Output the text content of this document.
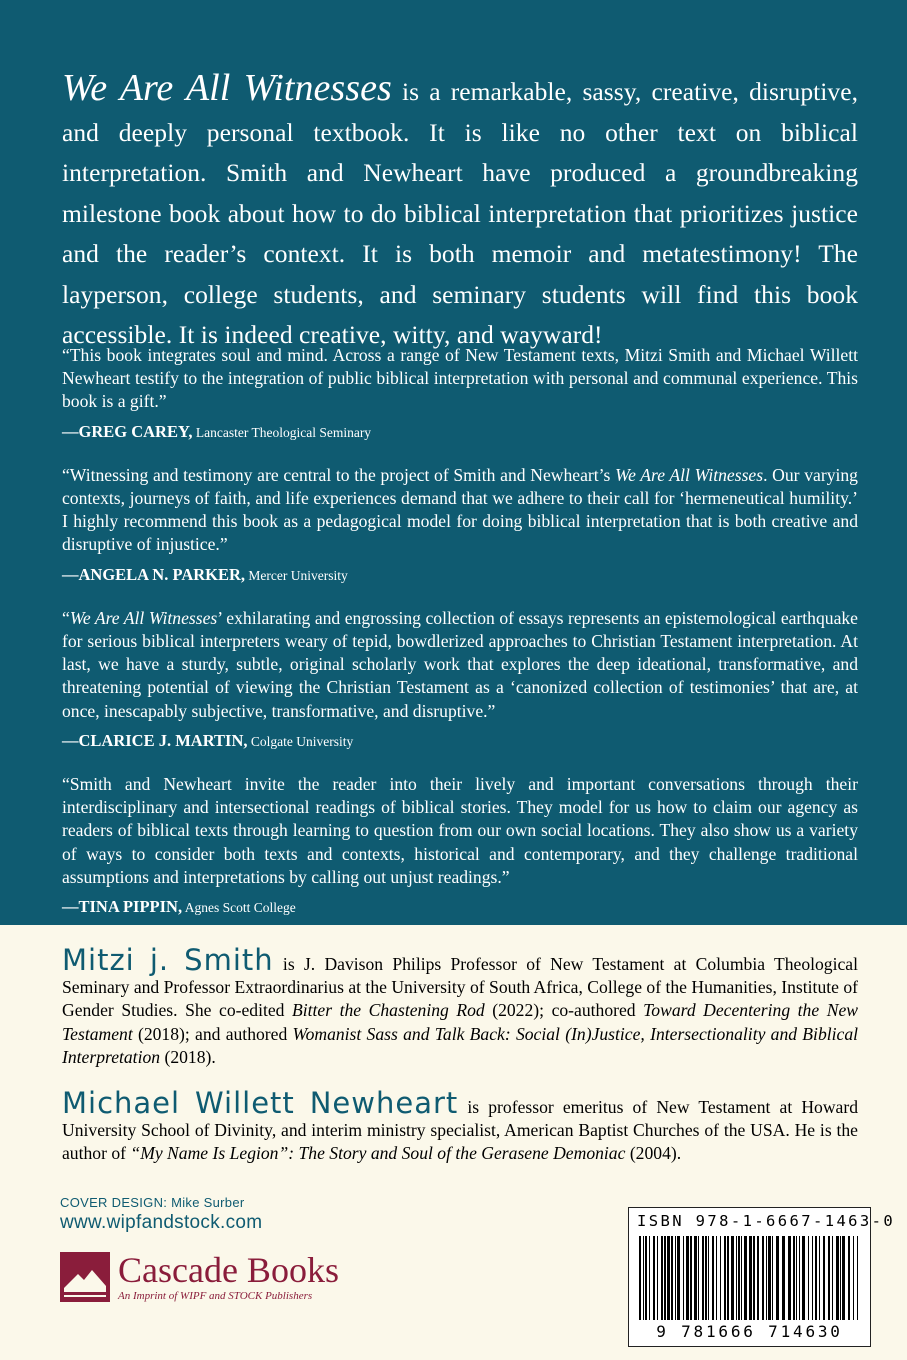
We Are All Witnesses is a remarkable, sassy, creative, disruptive, and deeply personal textbook. It is like no other text on biblical interpretation. Smith and Newheart have produced a groundbreaking milestone book about how to do biblical interpretation that prioritizes justice and the reader’s context. It is both memoir and metatestimony! The layperson, college students, and seminary students will find this book accessible. It is indeed creative, witty, and wayward!

“This book integrates soul and mind. Across a range of New Testament texts, Mitzi Smith and Michael Willett Newheart testify to the integration of public biblical interpretation with personal and communal experience. This book is a gift.”

—GREG CAREY, Lancaster Theological Seminary

“Witnessing and testimony are central to the project of Smith and Newheart’s We Are All Witnesses. Our varying contexts, journeys of faith, and life experiences demand that we adhere to their call for ‘hermeneutical humility.’ I highly recommend this book as a pedagogical model for doing biblical interpretation that is both creative and disruptive of injustice.”

—ANGELA N. PARKER, Mercer University

“We Are All Witnesses’ exhilarating and engrossing collection of essays represents an epistemological earthquake for serious biblical interpreters weary of tepid, bowdlerized approaches to Christian Testament interpretation. At last, we have a sturdy, subtle, original scholarly work that explores the deep ideational, transformative, and threatening potential of viewing the Christian Testament as a ‘canonized collection of testimonies’ that are, at once, inescapably subjective, transformative, and disruptive.”

—CLARICE J. MARTIN, Colgate University

“Smith and Newheart invite the reader into their lively and important conversations through their interdisciplinary and intersectional readings of biblical stories. They model for us how to claim our agency as readers of biblical texts through learning to question from our own social locations. They also show us a variety of ways to consider both texts and contexts, historical and contemporary, and they challenge traditional assumptions and interpretations by calling out unjust readings.”

—TINA PIPPIN, Agnes Scott College
Mitzi j. Smith is J. Davison Philips Professor of New Testament at Columbia Theological Seminary and Professor Extraordinarius at the University of South Africa, College of the Humanities, Institute of Gender Studies. She co-edited Bitter the Chastening Rod (2022); co-authored Toward Decentering the New Testament (2018); and authored Womanist Sass and Talk Back: Social (In)Justice, Intersectionality and Biblical Interpretation (2018).
Michael Willett Newheart is professor emeritus of New Testament at Howard University School of Divinity, and interim ministry specialist, American Baptist Churches of the USA. He is the author of “My Name Is Legion”: The Story and Soul of the Gerasene Demoniac (2004).
COVER DESIGN: Mike Surber
www.wipfandstock.com
Cascade Books
An Imprint of WIPF and STOCK Publishers
ISBN 978-1-6667-1463-0
9 781666 714630
